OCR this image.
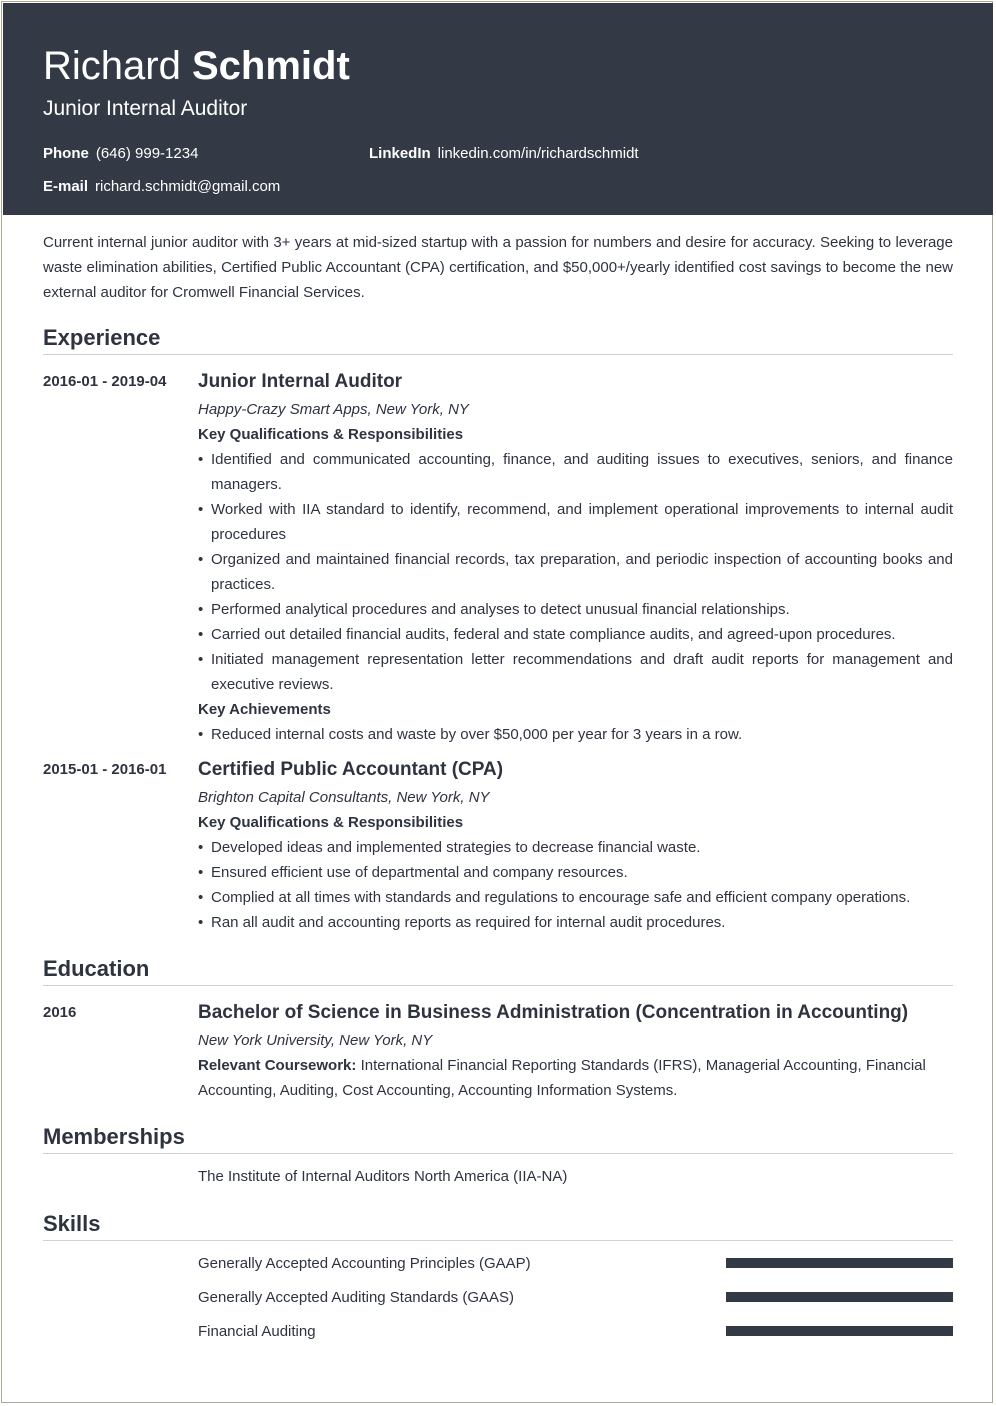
Richard Schmidt
Junior Internal Auditor
Phone (646) 999-1234	LinkedIn linkedin.com/in/richardschmidt
E-mail richard.schmidt@gmail.com

Current internal junior auditor with 3+ years at mid-sized startup with a passion for numbers and desire for accuracy. Seeking to leverage waste elimination abilities, Certified Public Accountant (CPA) certification, and $50,000+/yearly identified cost savings to become the new external auditor for Cromwell Financial Services.

Experience
2016-01 - 2019-04	Junior Internal Auditor
Happy-Crazy Smart Apps, New York, NY
Key Qualifications & Responsibilities
• Identified and communicated accounting, finance, and auditing issues to executives, seniors, and finance managers.
• Worked with IIA standard to identify, recommend, and implement operational improvements to internal audit procedures
• Organized and maintained financial records, tax preparation, and periodic inspection of accounting books and practices.
• Performed analytical procedures and analyses to detect unusual financial relationships.
• Carried out detailed financial audits, federal and state compliance audits, and agreed-upon procedures.
• Initiated management representation letter recommendations and draft audit reports for management and executive reviews.
Key Achievements
• Reduced internal costs and waste by over $50,000 per year for 3 years in a row.
2015-01 - 2016-01	Certified Public Accountant (CPA)
Brighton Capital Consultants, New York, NY
Key Qualifications & Responsibilities
• Developed ideas and implemented strategies to decrease financial waste.
• Ensured efficient use of departmental and company resources.
• Complied at all times with standards and regulations to encourage safe and efficient company operations.
• Ran all audit and accounting reports as required for internal audit procedures.
Education
2016	Bachelor of Science in Business Administration (Concentration in Accounting)
New York University, New York, NY
Relevant Coursework: International Financial Reporting Standards (IFRS), Managerial Accounting, Financial Accounting, Auditing, Cost Accounting, Accounting Information Systems.
Memberships
The Institute of Internal Auditors North America (IIA-NA)
Skills
Generally Accepted Accounting Principles (GAAP)
Generally Accepted Auditing Standards (GAAS)
Financial Auditing
